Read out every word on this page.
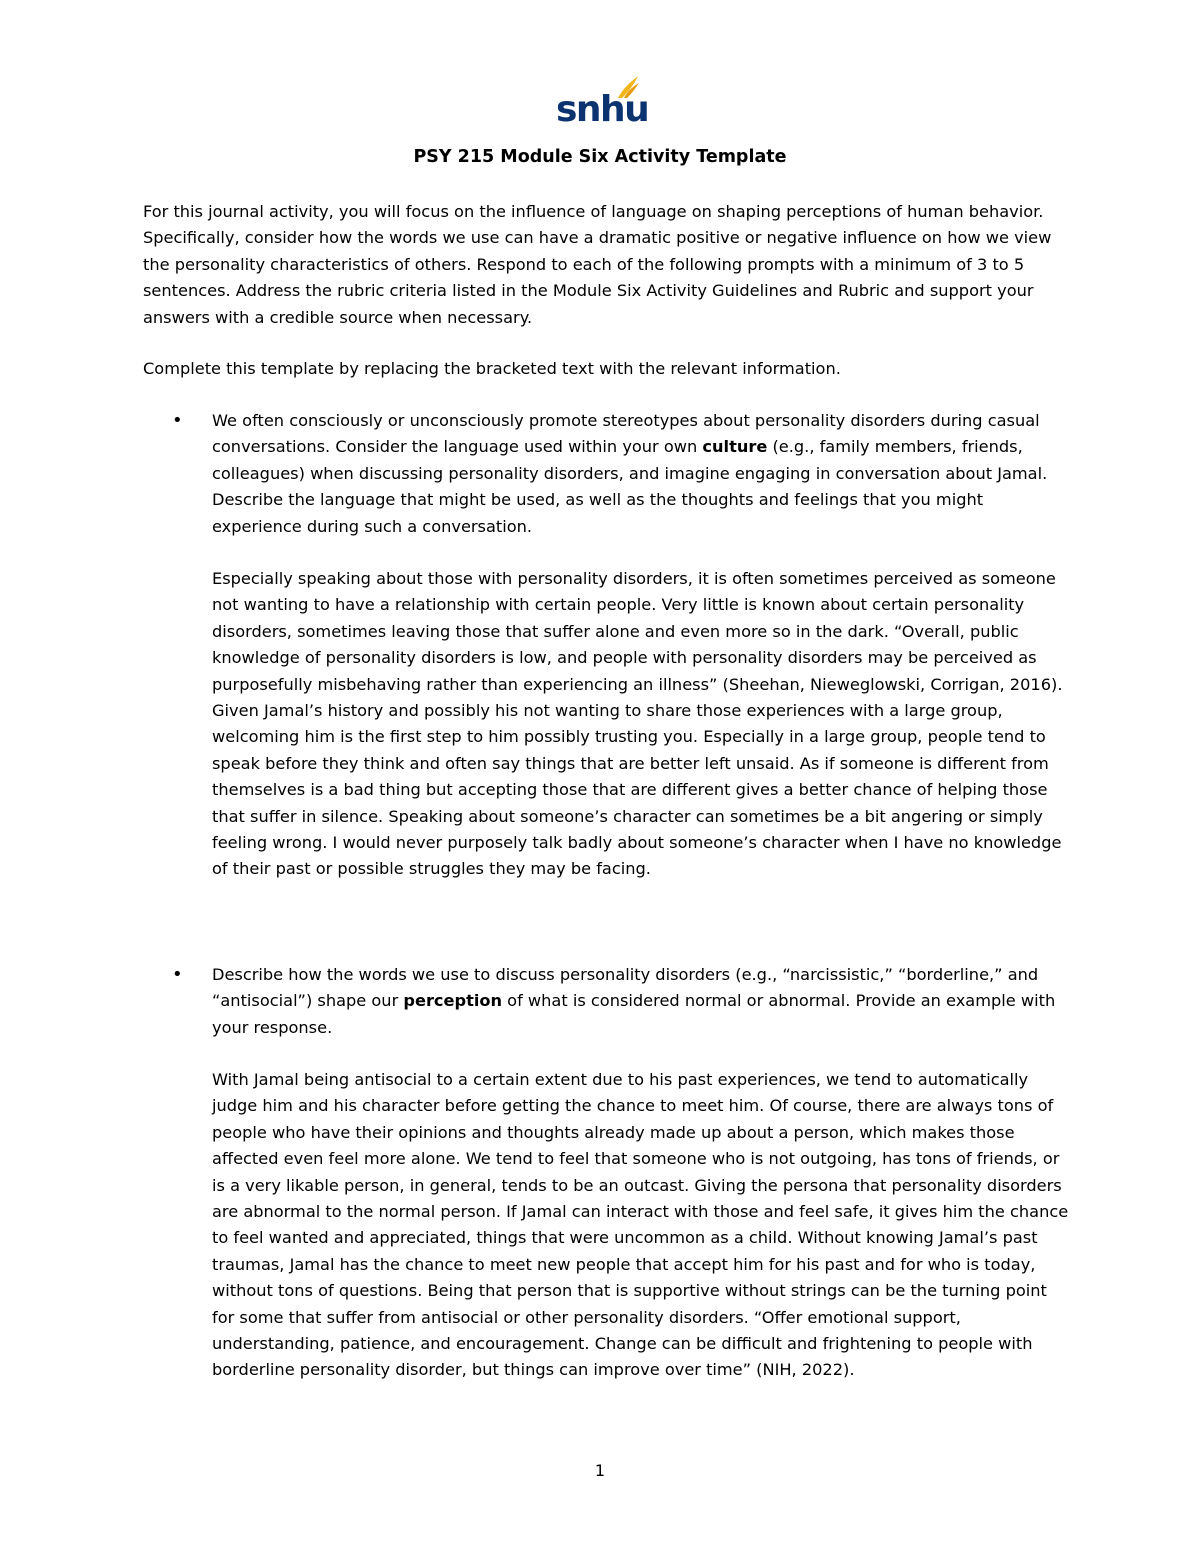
snhu
PSY 215 Module Six Activity Template

For this journal activity, you will focus on the influence of language on shaping perceptions of human behavior. Specifically, consider how the words we use can have a dramatic positive or negative influence on how we view the personality characteristics of others. Respond to each of the following prompts with a minimum of 3 to 5 sentences. Address the rubric criteria listed in the Module Six Activity Guidelines and Rubric and support your answers with a credible source when necessary.

Complete this template by replacing the bracketed text with the relevant information.

• We often consciously or unconsciously promote stereotypes about personality disorders during casual conversations. Consider the language used within your own culture (e.g., family members, friends, colleagues) when discussing personality disorders, and imagine engaging in conversation about Jamal. Describe the language that might be used, as well as the thoughts and feelings that you might experience during such a conversation.

Especially speaking about those with personality disorders, it is often sometimes perceived as someone not wanting to have a relationship with certain people. Very little is known about certain personality disorders, sometimes leaving those that suffer alone and even more so in the dark. “Overall, public knowledge of personality disorders is low, and people with personality disorders may be perceived as purposefully misbehaving rather than experiencing an illness” (Sheehan, Nieweglowski, Corrigan, 2016). Given Jamal’s history and possibly his not wanting to share those experiences with a large group, welcoming him is the first step to him possibly trusting you. Especially in a large group, people tend to speak before they think and often say things that are better left unsaid. As if someone is different from themselves is a bad thing but accepting those that are different gives a better chance of helping those that suffer in silence. Speaking about someone’s character can sometimes be a bit angering or simply feeling wrong. I would never purposely talk badly about someone’s character when I have no knowledge of their past or possible struggles they may be facing.

• Describe how the words we use to discuss personality disorders (e.g., “narcissistic,” “borderline,” and “antisocial”) shape our perception of what is considered normal or abnormal. Provide an example with your response.

With Jamal being antisocial to a certain extent due to his past experiences, we tend to automatically judge him and his character before getting the chance to meet him. Of course, there are always tons of people who have their opinions and thoughts already made up about a person, which makes those affected even feel more alone. We tend to feel that someone who is not outgoing, has tons of friends, or is a very likable person, in general, tends to be an outcast. Giving the persona that personality disorders are abnormal to the normal person. If Jamal can interact with those and feel safe, it gives him the chance to feel wanted and appreciated, things that were uncommon as a child. Without knowing Jamal’s past traumas, Jamal has the chance to meet new people that accept him for his past and for who is today, without tons of questions. Being that person that is supportive without strings can be the turning point for some that suffer from antisocial or other personality disorders. “Offer emotional support, understanding, patience, and encouragement. Change can be difficult and frightening to people with borderline personality disorder, but things can improve over time” (NIH, 2022).

1
